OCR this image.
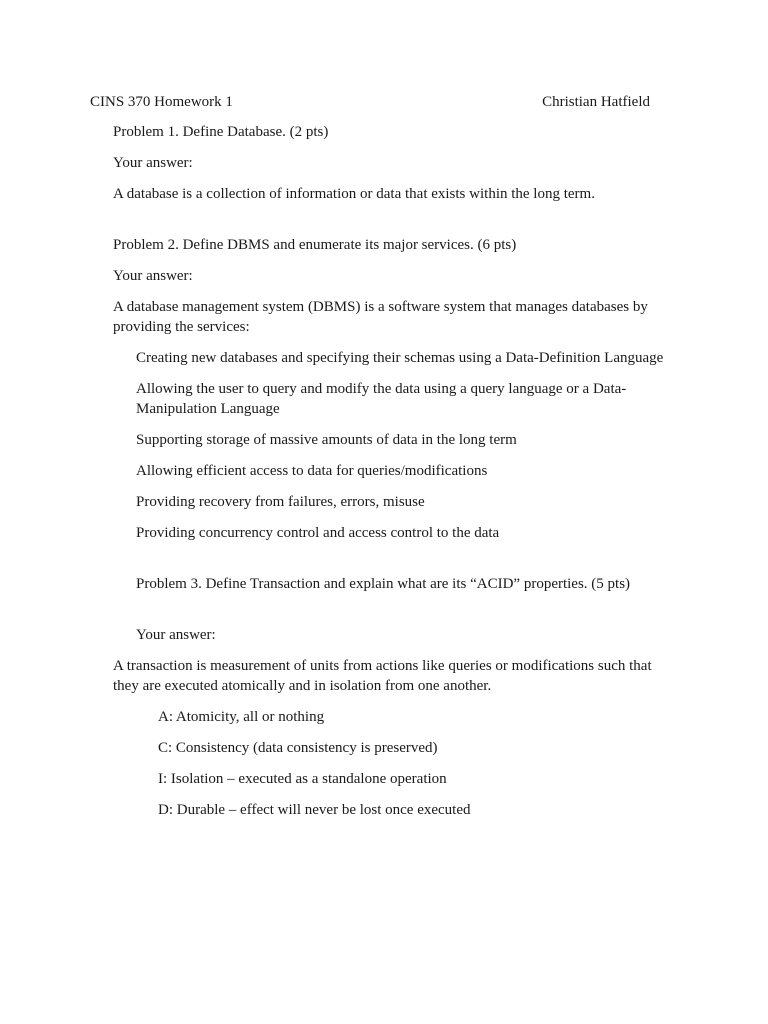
CINS 370 Homework 1	Christian Hatfield

Problem 1. Define Database. (2 pts)

Your answer:

A database is a collection of information or data that exists within the long term.

Problem 2. Define DBMS and enumerate its major services. (6 pts)

Your answer:

A database management system (DBMS) is a software system that manages databases by providing the services:

Creating new databases and specifying their schemas using a Data-Definition Language

Allowing the user to query and modify the data using a query language or a Data-Manipulation Language

Supporting storage of massive amounts of data in the long term

Allowing efficient access to data for queries/modifications

Providing recovery from failures, errors, misuse

Providing concurrency control and access control to the data

Problem 3. Define Transaction and explain what are its “ACID” properties. (5 pts)

Your answer:

A transaction is measurement of units from actions like queries or modifications such that they are executed atomically and in isolation from one another.

A: Atomicity, all or nothing

C: Consistency (data consistency is preserved)

I: Isolation – executed as a standalone operation

D: Durable – effect will never be lost once executed
